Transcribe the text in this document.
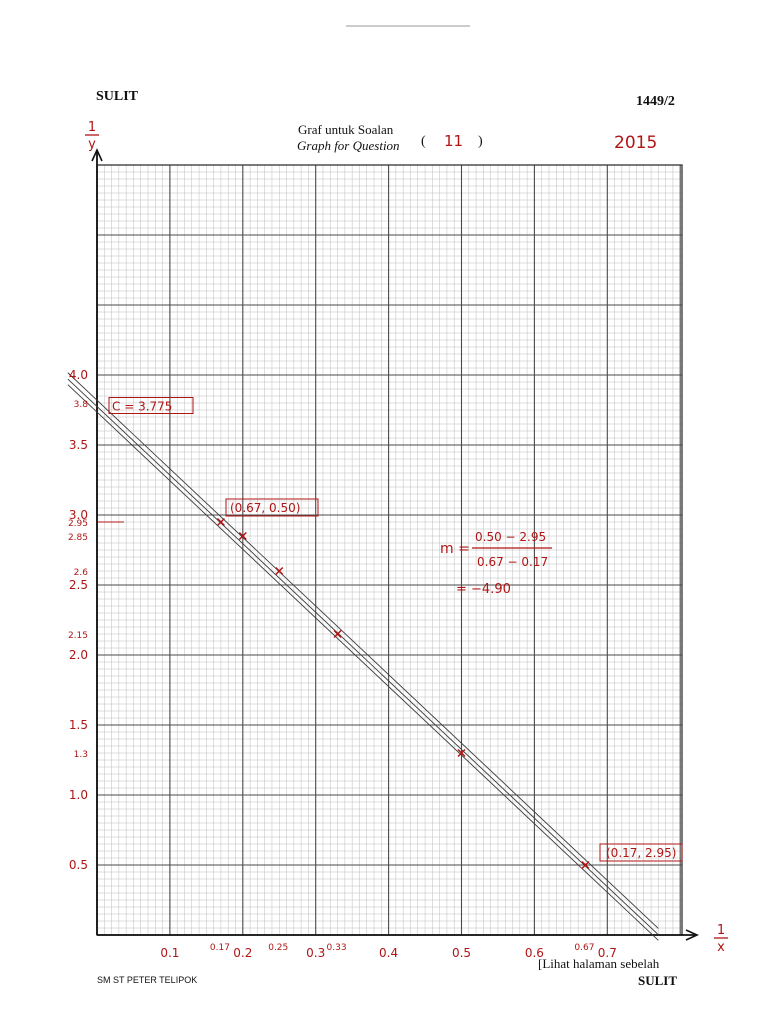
SULIT	1449/2
Graf untuk Soalan
Graph for Question ( 11 )	2015
1
y
1
x
0.1	0.2	0.3	0.4	0.5	0.6	0.7
0.17	0.25	0.33	0.67
0.5
1.0
1.5
2.0
2.5
3.0
3.5
4.0
1.3
2.15
2.6
2.85
2.95
3.8 C = 3.775
(0.67, 0.50)
(0.17, 2.95)
m =
0.50 − 2.95
0.67 − 0.17
= −4.90
[Lihat halaman sebelah
SULIT
SM ST PETER TELIPOK
